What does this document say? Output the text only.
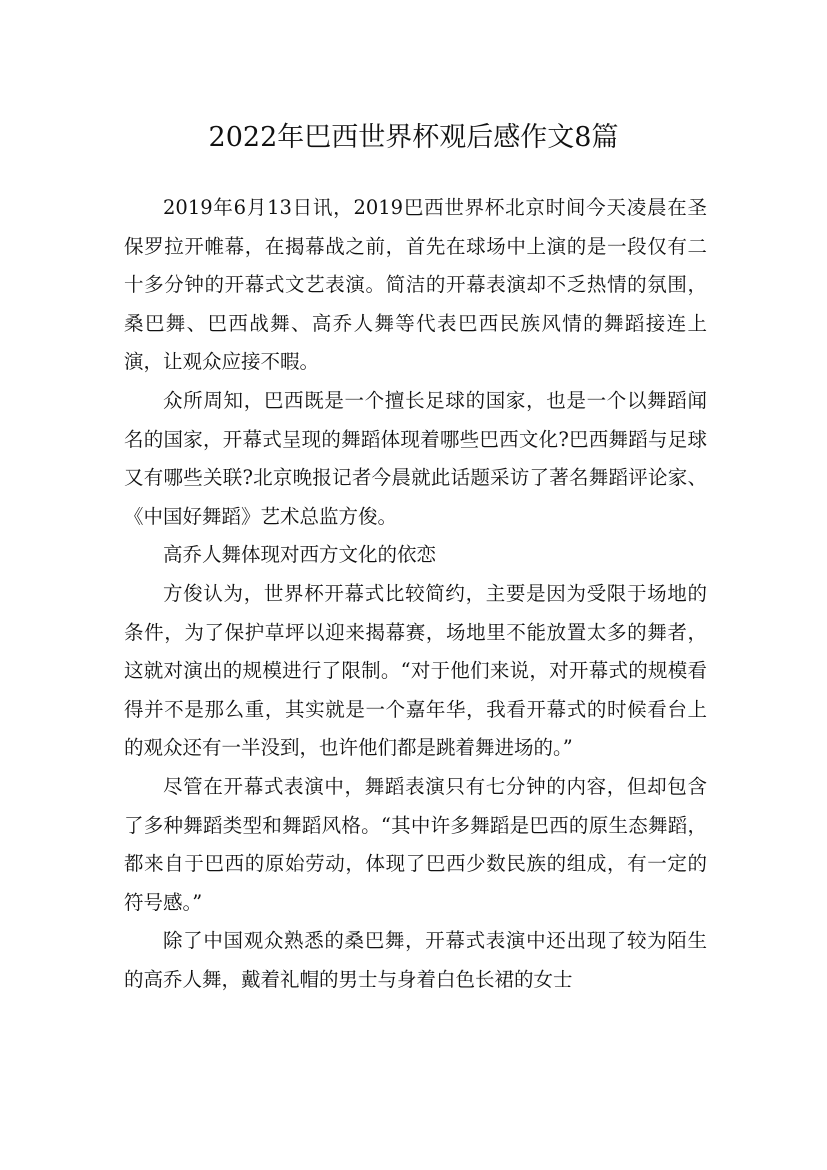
2022年巴西世界杯观后感作文8篇

2019年6月13日讯，2019巴西世界杯北京时间今天凌晨在圣保罗拉开帷幕，在揭幕战之前，首先在球场中上演的是一段仅有二十多分钟的开幕式文艺表演。简洁的开幕表演却不乏热情的氛围，桑巴舞、巴西战舞、高乔人舞等代表巴西民族风情的舞蹈接连上演，让观众应接不暇。

众所周知，巴西既是一个擅长足球的国家，也是一个以舞蹈闻名的国家，开幕式呈现的舞蹈体现着哪些巴西文化?巴西舞蹈与足球又有哪些关联?北京晚报记者今晨就此话题采访了著名舞蹈评论家、《中国好舞蹈》艺术总监方俊。

高乔人舞体现对西方文化的依恋

方俊认为，世界杯开幕式比较简约，主要是因为受限于场地的条件，为了保护草坪以迎来揭幕赛，场地里不能放置太多的舞者，这就对演出的规模进行了限制。“对于他们来说，对开幕式的规模看得并不是那么重，其实就是一个嘉年华，我看开幕式的时候看台上的观众还有一半没到，也许他们都是跳着舞进场的。”

尽管在开幕式表演中，舞蹈表演只有七分钟的内容，但却包含了多种舞蹈类型和舞蹈风格。“其中许多舞蹈是巴西的原生态舞蹈，都来自于巴西的原始劳动，体现了巴西少数民族的组成，有一定的符号感。”

除了中国观众熟悉的桑巴舞，开幕式表演中还出现了较为陌生的高乔人舞，戴着礼帽的男士与身着白色长裙的女士
